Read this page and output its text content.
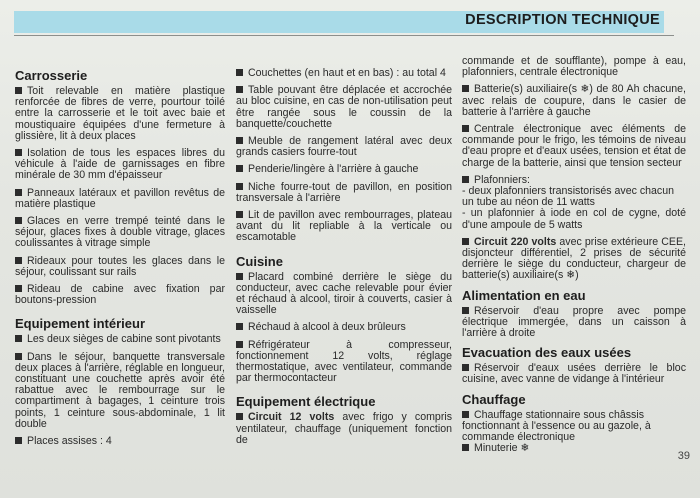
DESCRIPTION TECHNIQUE
Carrosserie
Toit relevable en matière plastique renforcée de fibres de verre, pourtour toilé entre la carrosserie et le toit avec baie et moustiquaire équipées d'une fermeture à glissière, lit à deux places
Isolation de tous les espaces libres du véhicule à l'aide de garnissages en fibre minérale de 30 mm d'épaisseur
Panneaux latéraux et pavillon revêtus de matière plastique
Glaces en verre trempé teinté dans le séjour, glaces fixes à double vitrage, glaces coulissantes à vitrage simple
Rideaux pour toutes les glaces dans le séjour, coulissant sur rails
Rideau de cabine avec fixation par boutons-pression
Equipement intérieur
Les deux sièges de cabine sont pivotants
Dans le séjour, banquette transversale deux places à l'arrière, réglable en longueur, constituant une couchette après avoir été rabattue avec le rembourrage sur le compartiment à bagages, 1 ceinture trois points, 1 ceinture sous-abdominale, 1 lit double
Places assises : 4
Couchettes (en haut et en bas) : au total 4
Table pouvant être déplacée et accrochée au bloc cuisine, en cas de non-utilisation peut être rangée sous le coussin de la banquette/couchette
Meuble de rangement latéral avec deux grands casiers fourre-tout
Penderie/lingère à l'arrière à gauche
Niche fourre-tout de pavillon, en position transversale à l'arrière
Lit de pavillon avec rembourrages, plateau avant du lit repliable à la verticale ou escamotable
Cuisine
Placard combiné derrière le siège du conducteur, avec cache relevable pour évier et réchaud à alcool, tiroir à couverts, casier à vaisselle
Réchaud à alcool à deux brûleurs
Réfrigérateur à compresseur, fonctionnement 12 volts, réglage thermostatique, avec ventilateur, commande par thermocontacteur
Equipement électrique
Circuit 12 volts avec frigo y compris ventilateur, chauffage (uniquement fonction de
commande et de soufflante), pompe à eau, plafonniers, centrale électronique
Batterie(s) auxiliaire(s ❄) de 80 Ah chacune, avec relais de coupure, dans le casier de batterie à l'arrière à gauche
Centrale électronique avec éléments de commande pour le frigo, les témoins de niveau d'eau propre et d'eaux usées, tension et état de charge de la batterie, ainsi que tension secteur
Plafonniers:
- deux plafonniers transistorisés avec chacun un tube au néon de 11 watts
- un plafonnier à iode en col de cygne, doté d'une ampoule de 5 watts
Circuit 220 volts avec prise extérieure CEE, disjoncteur différentiel, 2 prises de sécurité derrière le siège du conducteur, chargeur de batterie(s) auxiliaire(s ❄)
Alimentation en eau
Réservoir d'eau propre avec pompe électrique immergée, dans un caisson à l'arrière à droite
Evacuation des eaux usées
Réservoir d'eaux usées derrière le bloc cuisine, avec vanne de vidange à l'intérieur
Chauffage
Chauffage stationnaire sous châssis fonctionnant à l'essence ou au gazole, à commande électronique
Minuterie ❄
39
